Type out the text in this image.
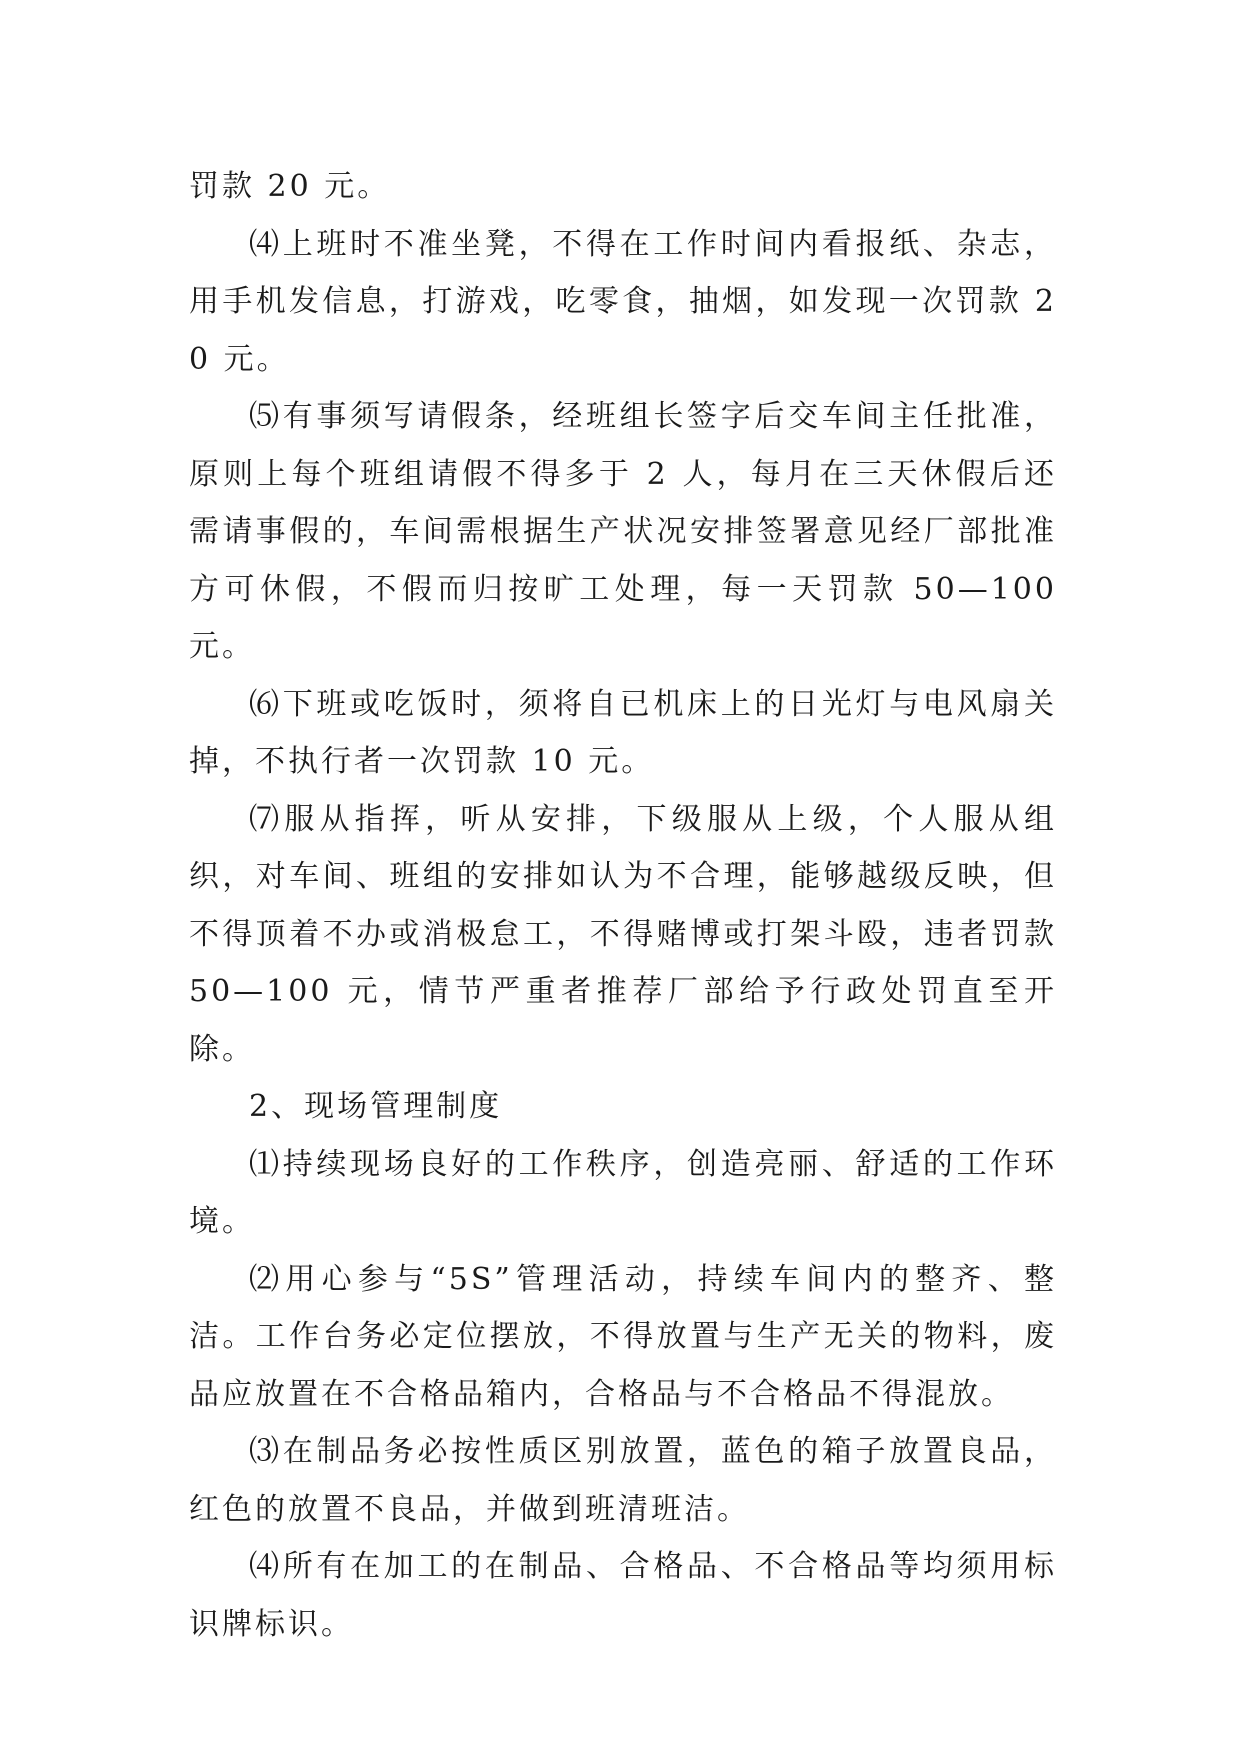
罚款 20 元。

⑷上班时不准坐凳，不得在工作时间内看报纸、杂志，用手机发信息，打游戏，吃零食，抽烟，如发现一次罚款 20 元。

⑸有事须写请假条，经班组长签字后交车间主任批准，原则上每个班组请假不得多于 2 人，每月在三天休假后还需请事假的，车间需根据生产状况安排签署意见经厂部批准方可休假，不假而归按旷工处理，每一天罚款 50—100 元。

⑹下班或吃饭时，须将自已机床上的日光灯与电风扇关掉，不执行者一次罚款 10 元。

⑺服从指挥，听从安排，下级服从上级，个人服从组织，对车间、班组的安排如认为不合理，能够越级反映，但不得顶着不办或消极怠工，不得赌博或打架斗殴，违者罚款 50—100 元，情节严重者推荐厂部给予行政处罚直至开除。

2、现场管理制度

⑴持续现场良好的工作秩序，创造亮丽、舒适的工作环境。

⑵用心参与“5S”管理活动，持续车间内的整齐、整洁。工作台务必定位摆放，不得放置与生产无关的物料，废品应放置在不合格品箱内，合格品与不合格品不得混放。

⑶在制品务必按性质区别放置，蓝色的箱子放置良品，红色的放置不良品，并做到班清班洁。

⑷所有在加工的在制品、合格品、不合格品等均须用标识牌标识。
